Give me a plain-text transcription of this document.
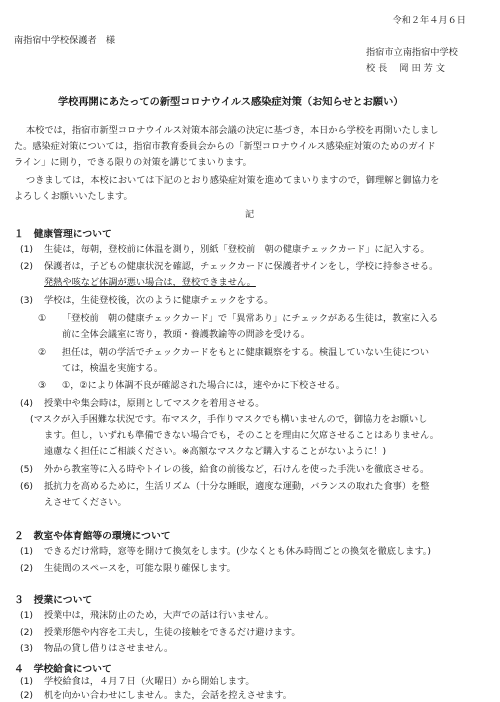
令和２年４月６日
南指宿中学校保護者　様
指宿市立南指宿中学校
校 長　 岡 田 芳 文
学校再開にあたっての新型コロナウイルス感染症対策（お知らせとお願い）
本校では，指宿市新型コロナウイルス対策本部会議の決定に基づき，本日から学校を再開いたしまし
た。感染症対策については，指宿市教育委員会からの「新型コロナウイルス感染症対策のためのガイド
ライン」に則り，できる限りの対策を講じてまいります。
つきましては，本校においては下記のとおり感染症対策を進めてまいりますので，御理解と御協力を
よろしくお願いいたします。
記
１　健康管理について
(1) 生徒は，毎朝，登校前に体温を測り，別紙「登校前　朝の健康チェックカード」に記入する。
(2) 保護者は，子どもの健康状況を確認，チェックカードに保護者サインをし，学校に持参させる。
発熱や咳など体調が悪い場合は，登校できません。
(3) 学校は，生徒登校後，次のように健康チェックをする。
① 「登校前　朝の健康チェックカード」で「異常あり」にチェックがある生徒は，教室に入る
前に全体会議室に寄り，教頭・養護教諭等の問診を受ける。
② 担任は，朝の学活でチェックカードをもとに健康観察をする。検温していない生徒につい
ては，検温を実施する。
③ ①，②により体調不良が確認された場合には，速やかに下校させる。
(4) 授業中や集会時は，原則としてマスクを着用させる。
(マスクが入手困難な状況です。布マスク，手作りマスクでも構いませんので，御協力をお願いし
ます。但し，いずれも準備できない場合でも，そのことを理由に欠席させることはありません。
遠慮なく担任にご相談ください。※高額なマスクなど購入することがないように！)
(5) 外から教室等に入る時やトイレの後，給食の前後など，石けんを使った手洗いを徹底させる。
(6) 抵抗力を高めるために，生活リズム（十分な睡眠，適度な運動，バランスの取れた食事）を整
えさせてください。
２　教室や体育館等の環境について
(1) できるだけ常時，窓等を開けて換気をします。(少なくとも休み時間ごとの換気を徹底します。)
(2) 生徒間のスペースを，可能な限り確保します。
３　授業について
(1) 授業中は，飛沫防止のため，大声での話は行いません。
(2) 授業形態や内容を工夫し，生徒の接触をできるだけ避けます。
(3) 物品の貸し借りはさせません。
４　学校給食について
(1) 学校給食は，４月７日（火曜日）から開始します。
(2) 机を向かい合わせにしません。また，会話を控えさせます。
